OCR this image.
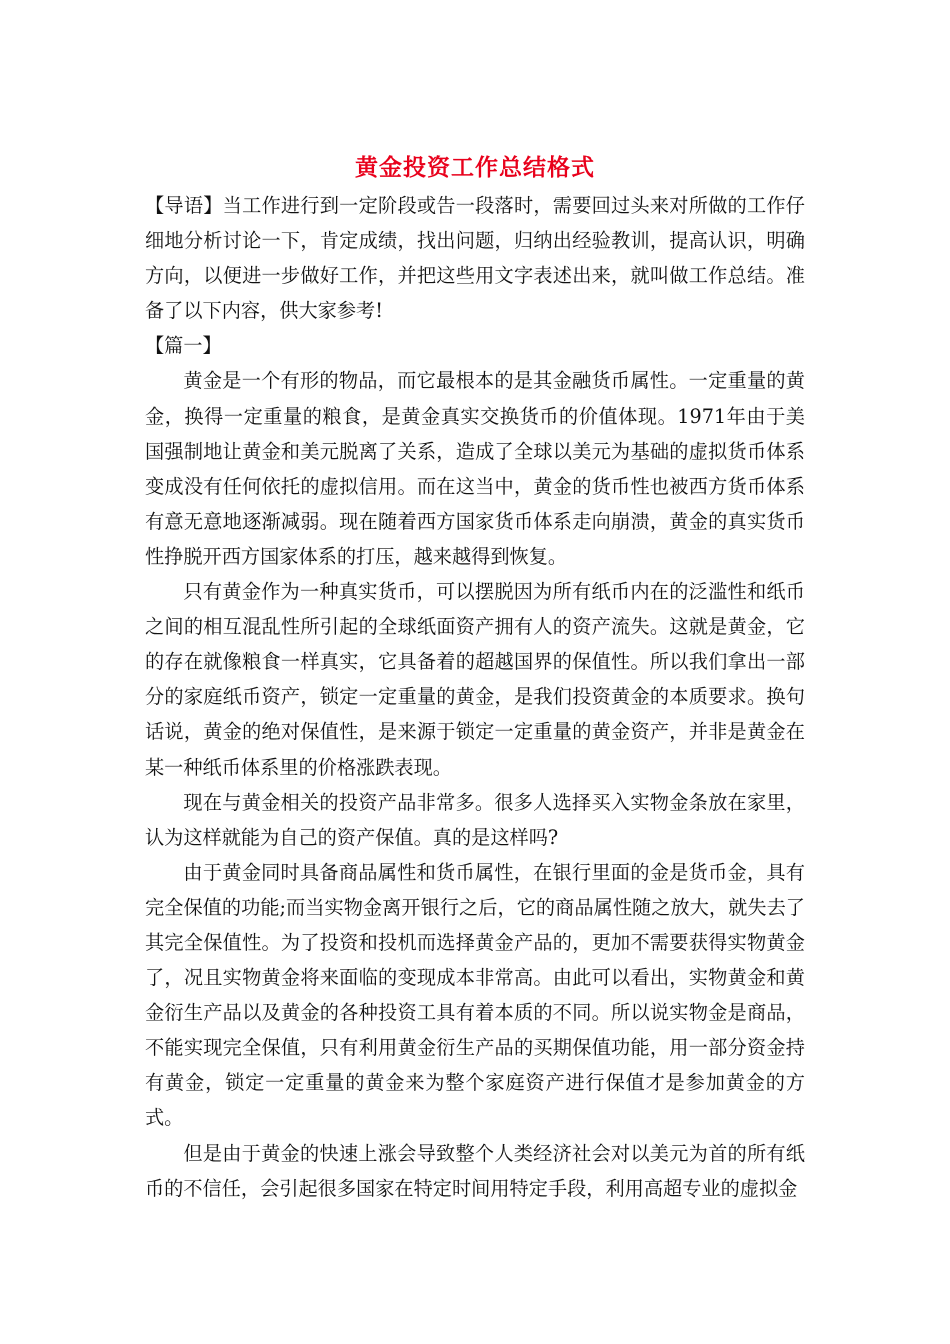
黄金投资工作总结格式

【导语】当工作进行到一定阶段或告一段落时，需要回过头来对所做的工作仔细地分析讨论一下，肯定成绩，找出问题，归纳出经验教训，提高认识，明确方向，以便进一步做好工作，并把这些用文字表述出来，就叫做工作总结。准备了以下内容，供大家参考!

【篇一】

黄金是一个有形的物品，而它最根本的是其金融货币属性。一定重量的黄金，换得一定重量的粮食，是黄金真实交换货币的价值体现。1971年由于美国强制地让黄金和美元脱离了关系，造成了全球以美元为基础的虚拟货币体系变成没有任何依托的虚拟信用。而在这当中，黄金的货币性也被西方货币体系有意无意地逐渐减弱。现在随着西方国家货币体系走向崩溃，黄金的真实货币性挣脱开西方国家体系的打压，越来越得到恢复。

只有黄金作为一种真实货币，可以摆脱因为所有纸币内在的泛滥性和纸币之间的相互混乱性所引起的全球纸面资产拥有人的资产流失。这就是黄金，它的存在就像粮食一样真实，它具备着的超越国界的保值性。所以我们拿出一部分的家庭纸币资产，锁定一定重量的黄金，是我们投资黄金的本质要求。换句话说，黄金的绝对保值性，是来源于锁定一定重量的黄金资产，并非是黄金在某一种纸币体系里的价格涨跌表现。

现在与黄金相关的投资产品非常多。很多人选择买入实物金条放在家里，认为这样就能为自己的资产保值。真的是这样吗?

由于黄金同时具备商品属性和货币属性，在银行里面的金是货币金，具有完全保值的功能;而当实物金离开银行之后，它的商品属性随之放大，就失去了其完全保值性。为了投资和投机而选择黄金产品的，更加不需要获得实物黄金了，况且实物黄金将来面临的变现成本非常高。由此可以看出，实物黄金和黄金衍生产品以及黄金的各种投资工具有着本质的不同。所以说实物金是商品，不能实现完全保值，只有利用黄金衍生产品的买期保值功能，用一部分资金持有黄金，锁定一定重量的黄金来为整个家庭资产进行保值才是参加黄金的方式。

但是由于黄金的快速上涨会导致整个人类经济社会对以美元为首的所有纸币的不信任，会引起很多国家在特定时间用特定手段，利用高超专业的虚拟金
